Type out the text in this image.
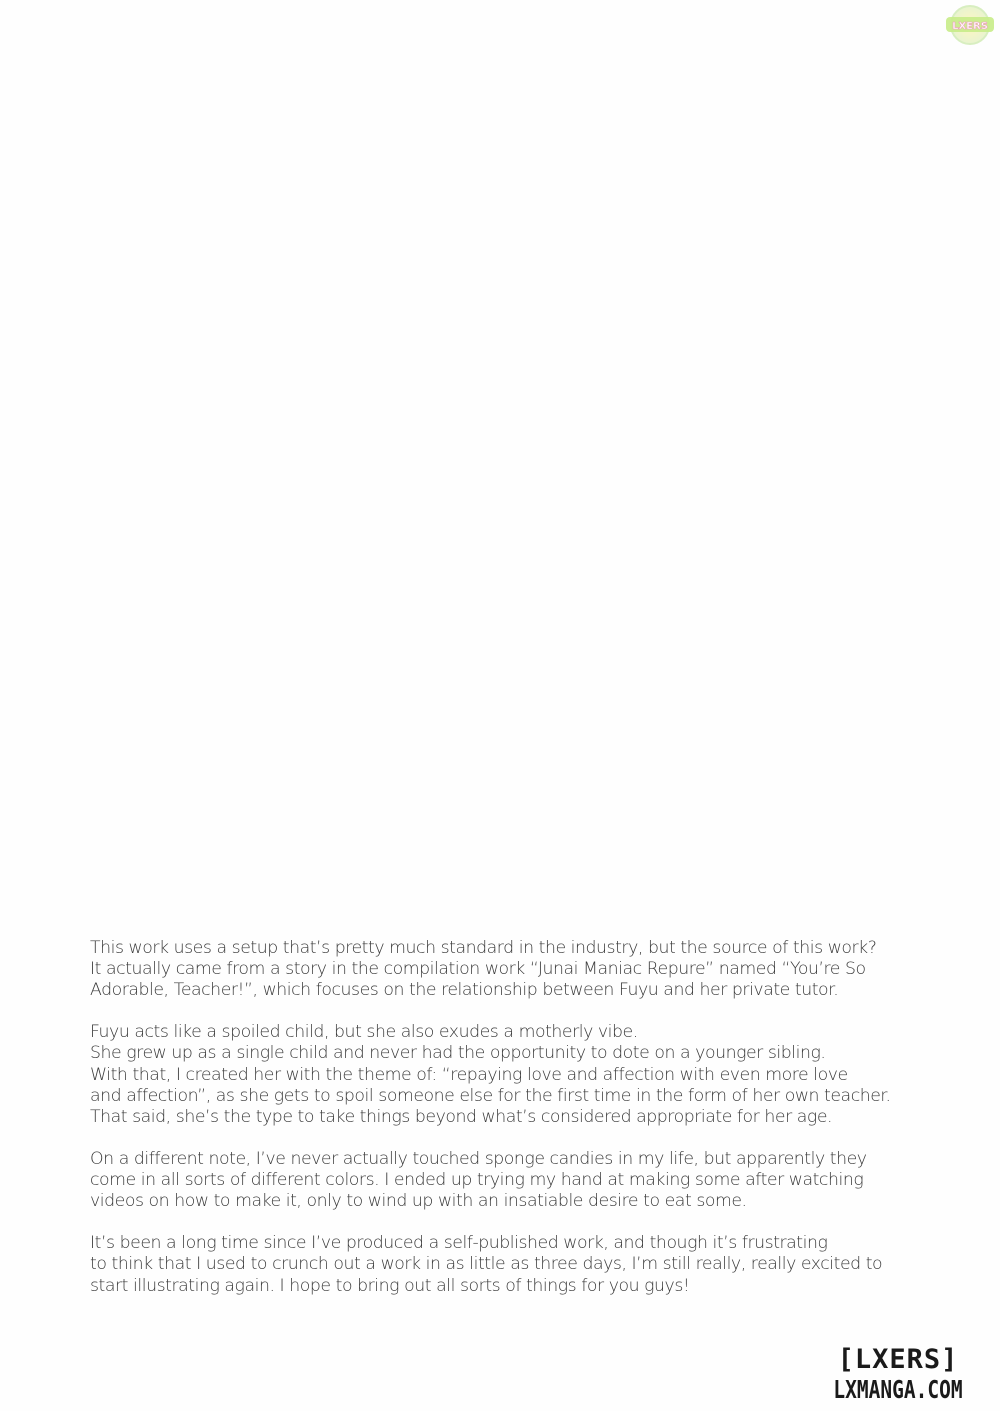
LXERS

This work uses a setup that’s pretty much standard in the industry, but the source of this work?
It actually came from a story in the compilation work “Junai Maniac Repure” named “You’re So
Adorable, Teacher!”, which focuses on the relationship between Fuyu and her private tutor.

Fuyu acts like a spoiled child, but she also exudes a motherly vibe.
She grew up as a single child and never had the opportunity to dote on a younger sibling.
With that, I created her with the theme of: “repaying love and affection with even more love
and affection”, as she gets to spoil someone else for the first time in the form of her own teacher.
That said, she’s the type to take things beyond what’s considered appropriate for her age.

On a different note, I’ve never actually touched sponge candies in my life, but apparently they
come in all sorts of different colors. I ended up trying my hand at making some after watching
videos on how to make it, only to wind up with an insatiable desire to eat some.

It’s been a long time since I’ve produced a self-published work, and though it’s frustrating
to think that I used to crunch out a work in as little as three days, I’m still really, really excited to
start illustrating again. I hope to bring out all sorts of things for you guys!

[LXERS]
LXMANGA.COM
